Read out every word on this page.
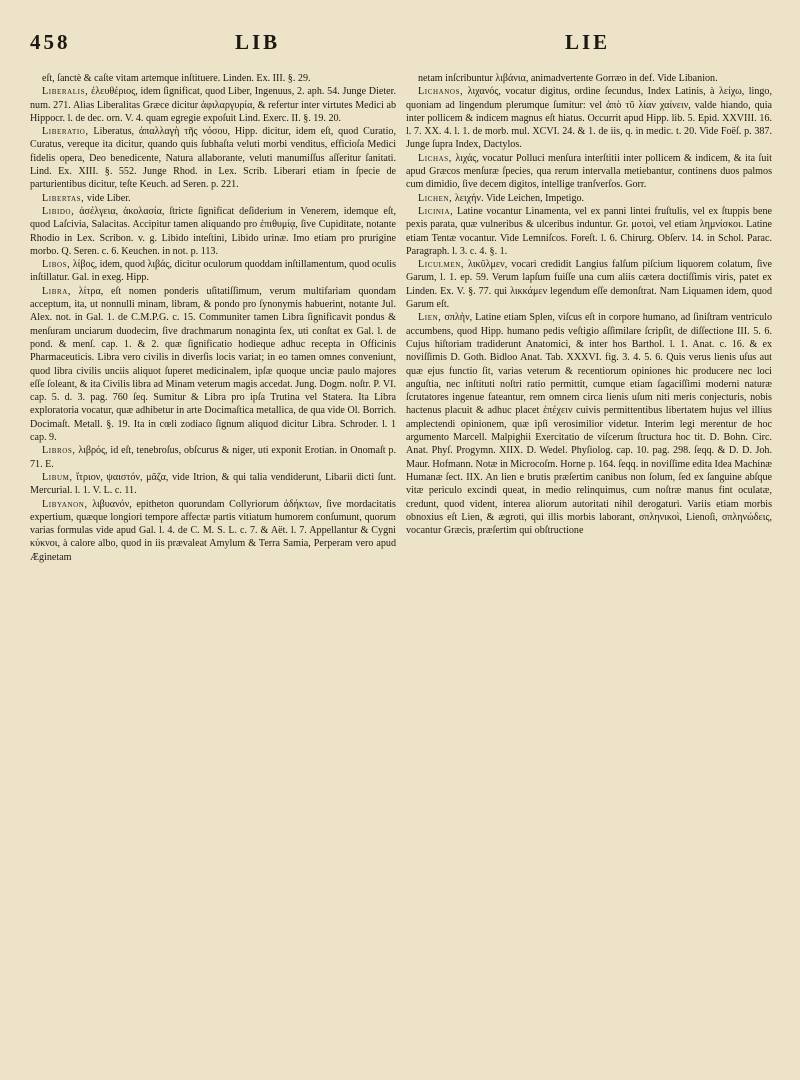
458	LIB	LIE

eſt, ſanctè & caſte vitam artemque inſtituere. Linden. Ex. III. §. 29.

Liberalis, ἐλευθέριος, idem ſignificat, quod Liber, Ingenuus, 2. aph. 54. Junge Dieter. num. 271. Alias Liberalitas Græce dicitur ἀφιλαργυρία, & refertur inter virtutes Medici ab Hippocr. l. de dec. orn. V. 4. quam egregie expoſuit Lind. Exerc. II. §. 19. 20.

Liberatio, Liberatus, ἀπαλλαγὴ τῆς νόσου, Hipp. dicitur, idem eſt, quod Curatio, Curatus, vereque ita dicitur, quando quis ſubhaſta veluti morbi venditus, efficioſa Medici fidelis opera, Deo benedicente, Natura allaborante, veluti manumiſſus aſſeritur ſanitati. Lind. Ex. XIII. §. 552. Junge Rhod. in Lex. Scrib. Liberari etiam in ſpecie de parturientibus dicitur, teſte Keuch. ad Seren. p. 221.

Libertas, vide Liber.

Libido, ἀσέλγεια, ἀκολασία, ſtricte ſignificat deſiderium in Venerem, idemque eſt, quod Laſcivia, Salacitas. Accipitur tamen aliquando pro ἐπιθυμίᾳ, ſive Cupiditate, notante Rhodio in Lex. Scribon. v. g. Libido inteſtini, Libido urinæ. Imo etiam pro prurigine morbo. Q. Seren. c. 6. Keuchen. in not. p. 113.

Libos, λίβος, idem, quod λιβάς, dicitur oculorum quoddam inſtillamentum, quod oculis inſtillatur. Gal. in exeg. Hipp.

Libra, λίτρα, eſt nomen ponderis uſitatiſſimum, verum multifariam quondam acceptum, ita, ut nonnulli minam, libram, & pondo pro ſynonymis habuerint, notante Jul. Alex. not. in Gal. 1. de C.M.P.G. c. 15. Communiter tamen Libra ſignificavit pondus & menſuram unciarum duodecim, ſive drachmarum nonaginta ſex, uti conſtat ex Gal. l. de pond. & menſ. cap. 1. & 2. quæ ſignificatio hodieque adhuc recepta in Officinis Pharmaceuticis. Libra vero civilis in diverſis locis variat; in eo tamen omnes conveniunt, quod libra civilis unciis aliquot ſuperet medicinalem, ipſæ quoque unciæ paulo majores eſſe ſoleant, & ita Civilis libra ad Minam veterum magis accedat. Jung. Dogm. noſtr. P. VI. cap. 5. d. 3. pag. 760 ſeq. Sumitur & Libra pro ipſa Trutina vel Statera. Ita Libra exploratoria vocatur, quæ adhibetur in arte Docimaſtica metallica, de qua vide Ol. Borrich. Docimaſt. Metall. §. 19. Ita in cœli zodiaco ſignum aliquod dicitur Libra. Schroder. l. 1 cap. 9.

Libros, λιβρός, id eſt, tenebroſus, obſcurus & niger, uti exponit Erotian. in Onomaſt p. 71. E.

Libum, ἴτριον, ψαιστόν, μᾶζα, vide Itrion, & qui talia vendiderunt, Libarii dicti ſunt. Mercurial. l. 1. V. L. c. 11.

Libyanon, λιβυανόν, epitheton quorundam Collyriorum ἀδήκτων, ſive mordacitatis expertium, quæque longiori tempore affectæ partis vitiatum humorem conſumunt, quorum varias formulas vide apud Gal. l. 4. de C. M. S. L. c. 7. & Aët. l. 7. Appellantur & Cygni κύκνοι, à calore albo, quod in iis prævaleat Amylum & Terra Samia, Perperam vero apud Æginetam

netam inſcribuntur λιβάνια, animadvertente Gorræo in def. Vide Libanion.

Lichanos, λιχανός, vocatur digitus, ordine ſecundus, Index Latinis, à λείχω, lingo, quoniam ad lingendum plerumque ſumitur: vel ἀπὸ τῦ λίαν χαίνειν, valde hiando, quia inter pollicem & indicem magnus eſt hiatus. Occurrit apud Hipp. lib. 5. Epid. XXVIII. 16. l. 7. XX. 4. l. 1. de morb. mul. XCVI. 24. & 1. de iis, q. in medic. t. 20. Vide Foëſ. p. 387. Junge ſupra Index, Dactylos.

Lichas, λιχάς, vocatur Pollucі menſura interſtitii inter pollicem & indicem, & ita ſuit apud Græcos menſuræ ſpecies, qua rerum intervalla metiebantur, continens duos palmos cum dimidio, ſive decem digitos, intellige tranſverſos. Gorr.

Lichen, λειχήν. Vide Leichen, Impetigo.

Licinia, Latine vocantur Linamenta, vel ex panni linteі fruſtulis, vel ex ſtuppis bene pexis parata, quæ vulneribus & ulceribus induntur. Gr. μοτοὶ, vel etiam λημνίσκοι. Latine etiam Tentæ vocantur. Vide Lemniſcos. Foreſt. l. 6. Chirurg. Obſerv. 14. in Schol. Parac. Paragraph. l. 3. c. 4. §. 1.

Liculmen, λικῦλμεν, vocari credidit Langius falſum piſcium liquorem colatum, ſive Garum, l. 1. ep. 59. Verum lapſum fuiſſe una cum aliis cætera doctiſſimis viris, patet ex Linden. Ex. V. §. 77. qui λικκάμεν legendum eſſe demonſtrat. Nam Liquamen idem, quod Garum eſt.

Lien, σπλὴν, Latine etiam Splen, viſcus eſt in corpore humano, ad ſiniſtram ventriculo accumbens, quod Hipp. humano pedis veſtigio aſſimilare ſcripſit, de diſſectione III. 5. 6. Cujus hiſtoriam tradiderunt Anatomici, & inter hos Barthol. l. 1. Anat. c. 16. & ex noviſſimis D. Goth. Bidloo Anat. Tab. XXXVI. fig. 3. 4. 5. 6. Quis verus lienis uſus aut quæ ejus functio ſit, varias veterum & recentiorum opiniones hic producere nec loci anguſtia, nec inſtituti noſtri ratio permittit, cumque etiam ſagaciſſimi moderni naturæ ſcrutatores ingenue fateantur, rem omnem circa lienis uſum niti meris conjecturis, nobis hactenus placuit & adhuc placet ἐπέχειν cuivis permittentibus libertatem hujus vel illius amplectendi opinionem, quæ ipſi verosimilior videtur. Interim legi merentur de hoc argumento Marcell. Malpighii Exercitatio de viſcerum ſtructura hoc tit. D. Bohn. Circ. Anat. Phyſ. Progymn. XIIX. D. Wedel. Phyſiolog. cap. 10. pag. 298. ſeqq. & D. D. Joh. Maur. Hofmann. Notæ in Microcoſm. Horne p. 164. ſeqq. in noviſſime edita Idea Machinæ Humanæ ſect. IIX. An lien e brutis præſertim canibus non ſolum, ſed ex ſanguine abſque vitæ periculo excindi queat, in medio relinquimus, cum noſtræ manus fint oculatæ, credunt, quod vident, interea aliorum autoritati nihil derogaturi. Variis etiam morbis obnoxius eſt Lien, & ægroti, qui illis morbis laborant, σπληνικοὶ, Lienoſi, σπληνώδεις, vocantur Græcis, præſertim qui obſtructione
